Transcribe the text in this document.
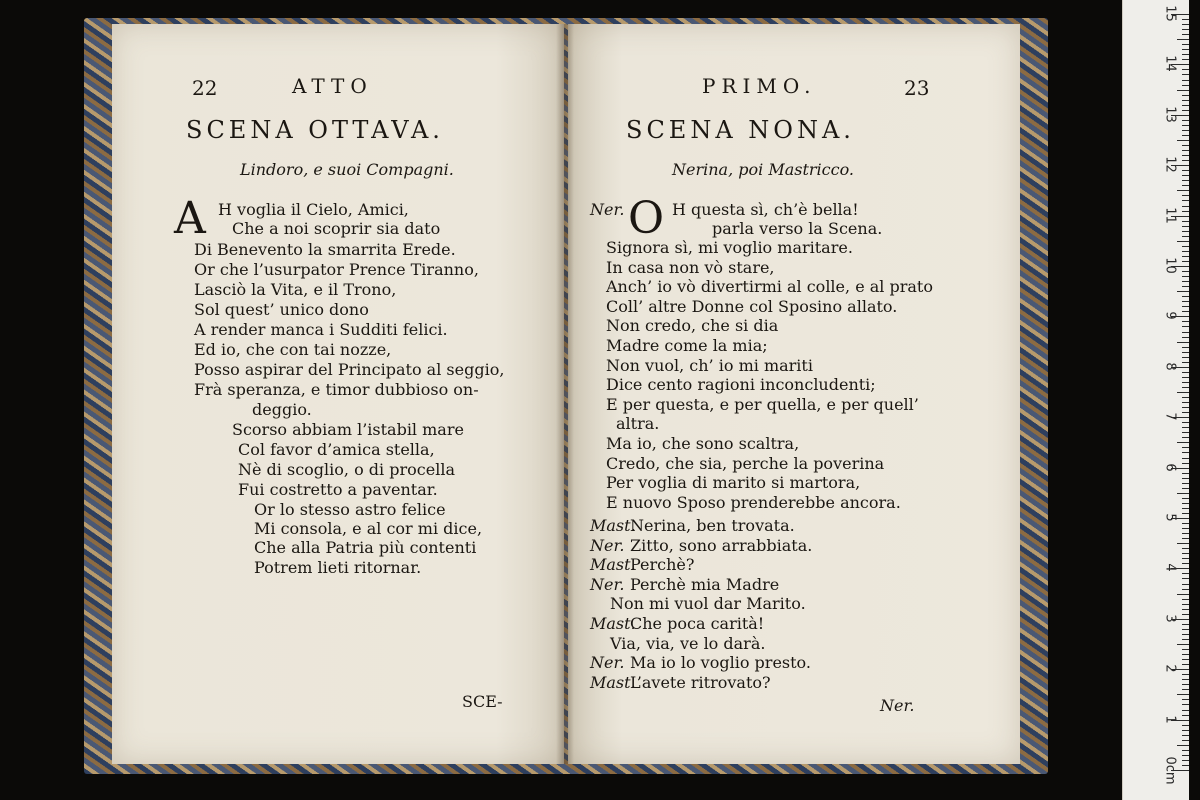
22	ATTO
SCENA OTTAVA.
Lindoro, e suoi Compagni.
A H voglia il Cielo, Amici,
Che a noi scoprir sia dato
Di Benevento la smarrita Erede.
Or che l’usurpator Prence Tiranno,
Lasciò la Vita, e il Trono,
Sol quest’ unico dono
A render manca i Sudditi felici.
Ed io, che con tai nozze,
Posso aspirar del Principato al seggio,
Frà speranza, e timor dubbioso on-
deggio.
Scorso abbiam l’istabil mare
Col favor d’amica stella,
Nè di scoglio, o di procella
Fui costretto a paventar.
Or lo stesso astro felice
Mi consola, e al cor mi dice,
Che alla Patria più contenti
Potrem lieti ritornar.
SCE-
PRIMO.	23
SCENA NONA.
Nerina, poi Mastricco.
Ner. O H questa sì, ch’è bella!
parla verso la Scena.
Signora sì, mi voglio maritare.
In casa non vò stare,
Anch’ io vò divertirmi al colle, e al prato
Coll’ altre Donne col Sposino allato.
Non credo, che si dia
Madre come la mia;
Non vuol, ch’ io mi mariti
Dice cento ragioni inconcludenti;
E per questa, e per quella, e per quell’
altra.
Ma io, che sono scaltra,
Credo, che sia, perche la poverina
Per voglia di marito si martora,
E nuovo Sposo prenderebbe ancora.
Mast.
Nerina, ben trovata.
Ner. Zitto, sono arrabbiata.
Mast.
Perchè?
Ner. Perchè mia Madre
Non mi vuol dar Marito.
Mast.
Che poca carità!
Via, via, ve lo darà.
Ner. Ma io lo voglio presto.
Mast.
L’avete ritrovato?
Ner.
15
14
13
12
11
10
9
8
7
6
5
4
3
2
1
0cm
